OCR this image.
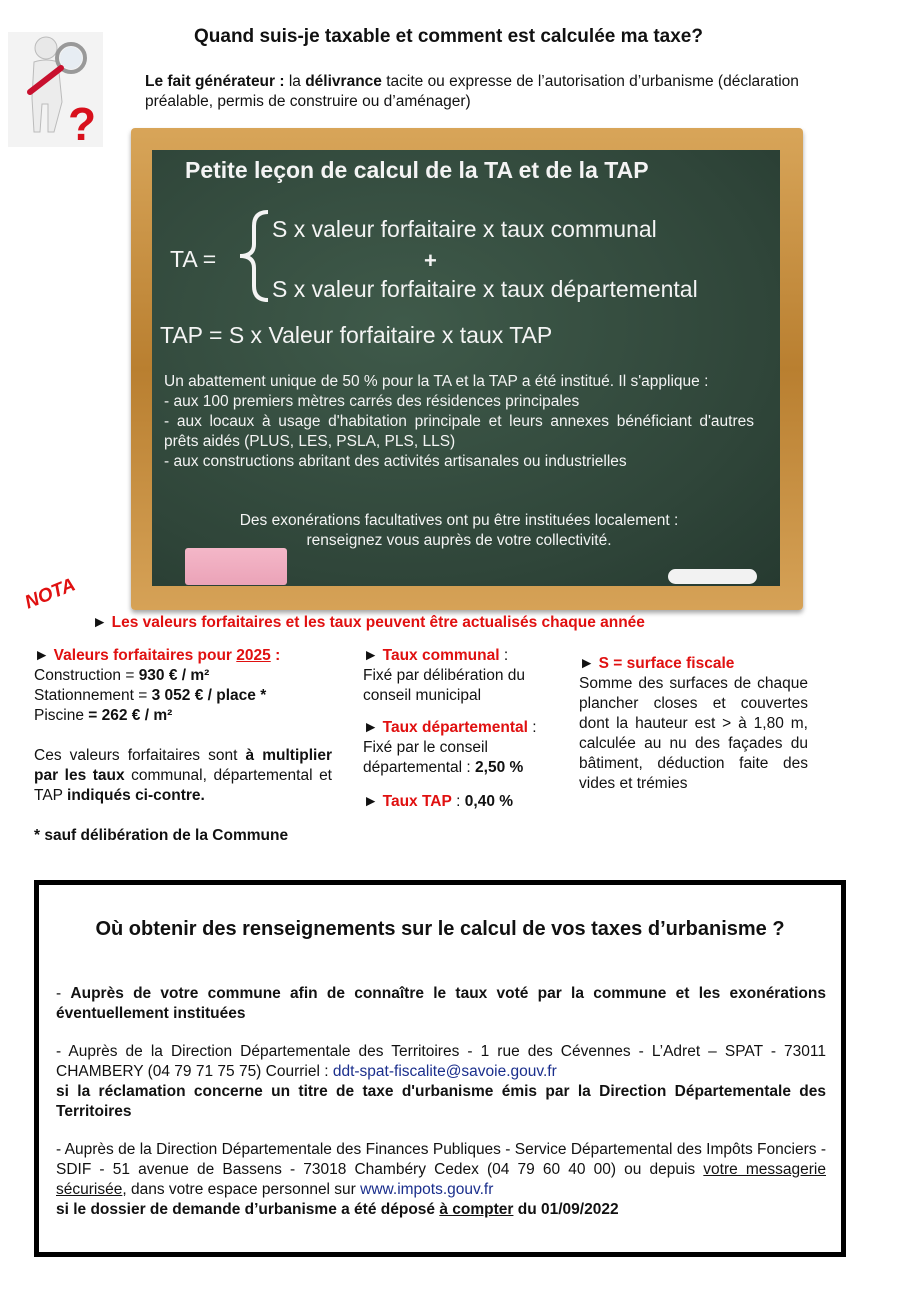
?
Quand suis-je taxable et comment est calculée ma taxe?
Le fait générateur : la délivrance tacite ou expresse de l’autorisation d’urbanisme (déclaration préalable, permis de construire ou d’aménager)
Petite leçon de calcul de la TA et de la TAP
TA =
S x valeur forfaitaire x taux communal
+
S x valeur forfaitaire x taux départemental
TAP = S x Valeur forfaitaire x taux TAP
Un abattement unique de 50 % pour la TA et la TAP a été institué. Il s'applique :
- aux 100 premiers mètres carrés des résidences principales
- aux locaux à usage d'habitation principale et leurs annexes bénéficiant d'autres prêts aidés (PLUS, LES, PSLA, PLS, LLS)
- aux constructions abritant des activités artisanales ou industrielles
Des exonérations facultatives ont pu être instituées localement :
renseignez vous auprès de votre collectivité.
NOTA
► Les valeurs forfaitaires et les taux peuvent être actualisés chaque année
► Valeurs forfaitaires pour 2025 :
Construction = 930 € / m²
Stationnement = 3 052 € / place *
Piscine = 262 € / m²
Ces valeurs forfaitaires sont à multiplier par les taux communal, départemental et TAP indiqués ci-contre.
* sauf délibération de la Commune
► Taux communal :
Fixé par délibération du conseil municipal
► Taux départemental :
Fixé par le conseil départemental : 2,50 %
► Taux TAP : 0,40 %
► S = surface fiscale
Somme des surfaces de chaque plancher closes et couvertes dont la hauteur est > à 1,80 m, calculée au nu des façades du bâtiment, déduction faite des vides et trémies
Où obtenir des renseignements sur le calcul de vos taxes d’urbanisme ?
- Auprès de votre commune afin de connaître le taux voté par la commune et les exonérations éventuellement instituées
- Auprès de la Direction Départementale des Territoires - 1 rue des Cévennes - L’Adret – SPAT - 73011 CHAMBERY (04 79 71 75 75) Courriel : ddt-spat-fiscalite@savoie.gouv.fr
si la réclamation concerne un titre de taxe d'urbanisme émis par la Direction Départementale des Territoires
- Auprès de la Direction Départementale des Finances Publiques - Service Départemental des Impôts Fonciers - SDIF - 51 avenue de Bassens - 73018 Chambéry Cedex (04 79 60 40 00) ou depuis votre messagerie sécurisée, dans votre espace personnel sur www.impots.gouv.fr
si le dossier de demande d’urbanisme a été déposé à compter du 01/09/2022
